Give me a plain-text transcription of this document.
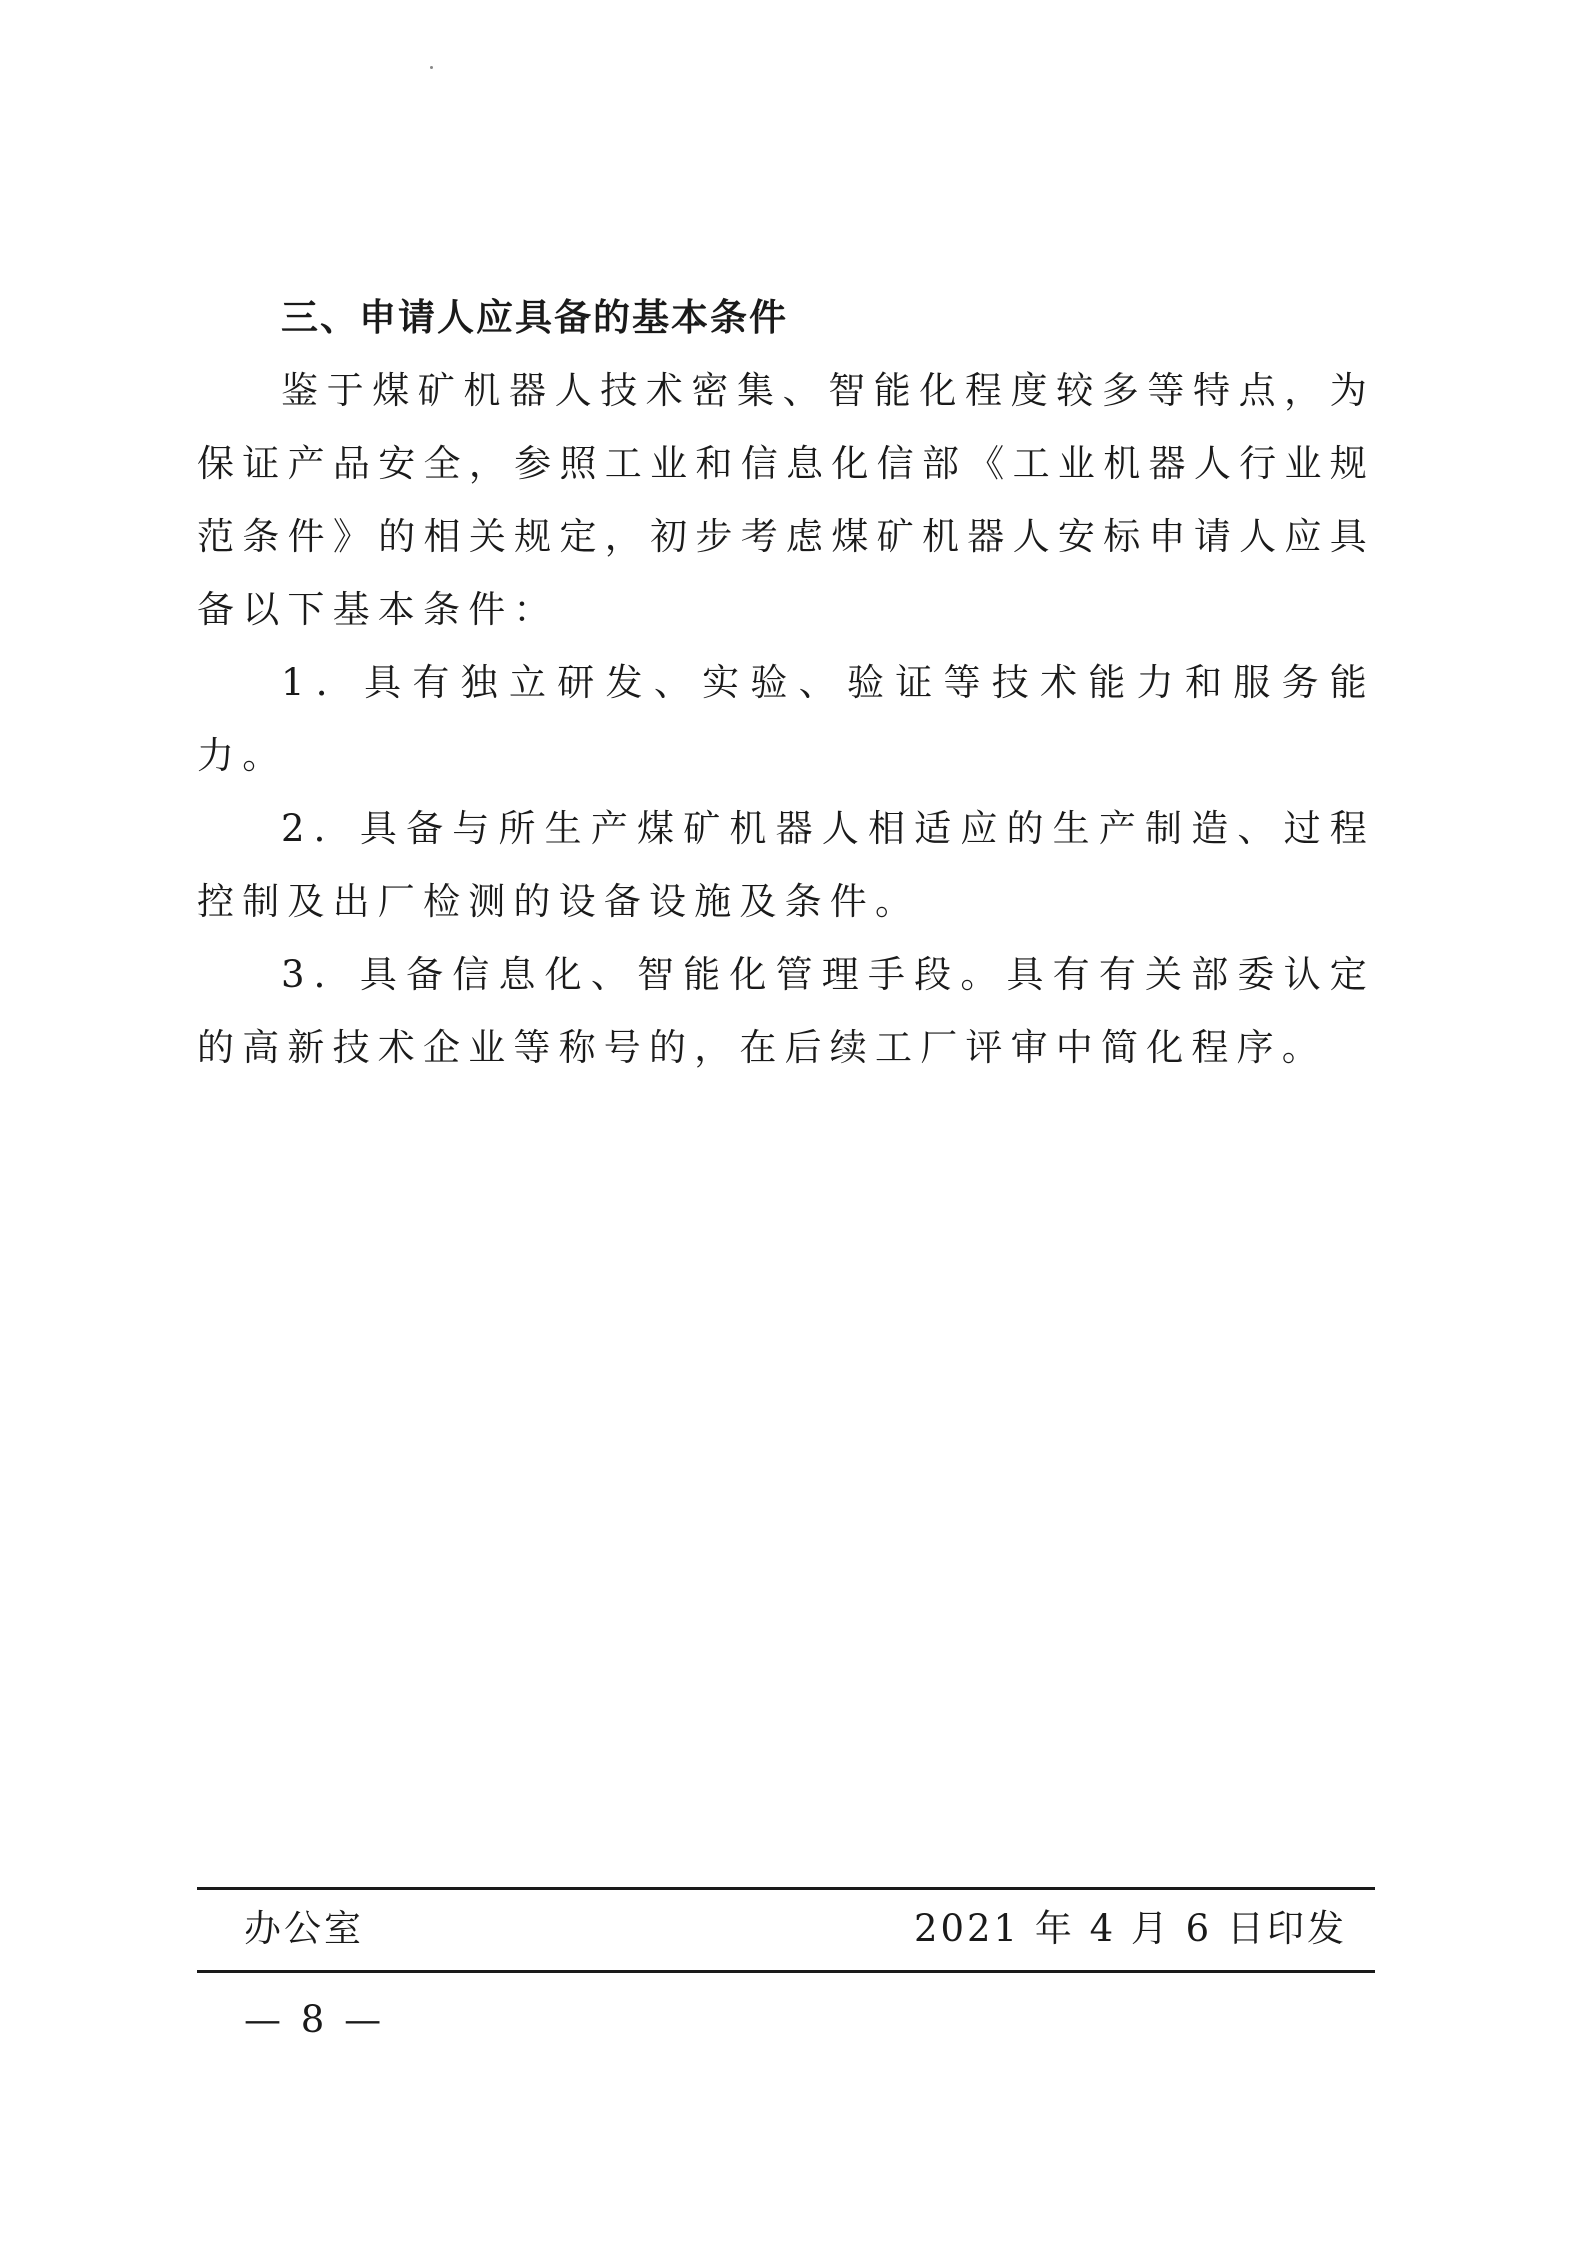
三、申请人应具备的基本条件

鉴于煤矿机器人技术密集、智能化程度较多等特点，为保证产品安全，参照工业和信息化信部《工业机器人行业规范条件》的相关规定，初步考虑煤矿机器人安标申请人应具备以下基本条件：

1．具有独立研发、实验、验证等技术能力和服务能力。

2．具备与所生产煤矿机器人相适应的生产制造、过程控制及出厂检测的设备设施及条件。

3．具备信息化、智能化管理手段。具有有关部委认定的高新技术企业等称号的，在后续工厂评审中简化程序。

办公室	2021 年 4 月 6 日印发
— 8 —
